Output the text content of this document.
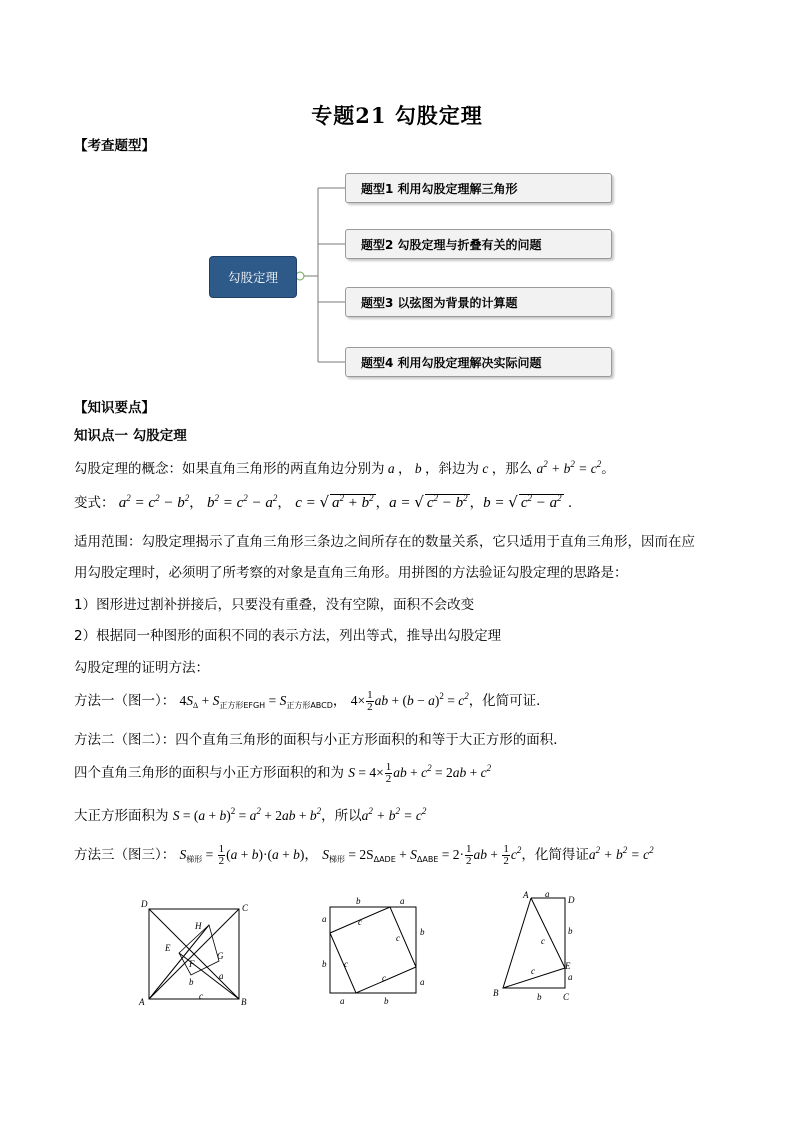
专题21 勾股定理
【考查题型】
勾股定理
题型1 利用勾股定理解三角形
题型2 勾股定理与折叠有关的问题
题型3 以弦图为背景的计算题
题型4 利用勾股定理解决实际问题
【知识要点】
知识点一 勾股定理
勾股定理的概念：如果直角三角形的两直角边分别为 a ， b ，斜边为 c ，那么 $a^2 + b^2 = c^2$。
变式： $a^2 = c^2 - b^2$， $b^2 = c^2 - a^2$， c = √ $a^2 + b^2$ ，a = √ $c^2 - b^2$ ，b = √ $c^2 - a^2$ .
适用范围：勾股定理揭示了直角三角形三条边之间所存在的数量关系，它只适用于直角三角形，因而在应
用勾股定理时，必须明了所考察的对象是直角三角形。用拼图的方法验证勾股定理的思路是：
1）图形进过割补拼接后，只要没有重叠，没有空隙，面积不会改变
2）根据同一种图形的面积不同的表示方法，列出等式，推导出勾股定理
勾股定理的证明方法：
方法一（图一）： $4S_\Delta + S_{正方形EFGH} = S_{正方形ABCD}$， $4\times \frac{1}{2}$ ab + $(b - a)^2 = c^2$，化简可证．
方法二（图二）：四个直角三角形的面积与小正方形面积的和等于大正方形的面积．
四个直角三角形的面积与小正方形面积的和为 $S = 4\times \frac{1}{2}$ ab + $c^2 = 2ab + c^2$
大正方形面积为 $S = (a + b)^2 = a^2 + 2ab + b^2$，所以$a^2 + b^2 = c^2$
方法三（图三）： $S_{梯形} = \frac{1}{2} (a + b)\cdot(a + b)$， $S_{梯形} = 2S_{\Delta ADE} + S_{\Delta ABE} = 2\cdot \frac{1}{2}$ ab + $\frac{1}{2} c^2$，化简得证$a^2 + b^2 = c^2$
D	C
A	B
H
E
F
G
a
b
c
b	a
a
b
b
a
a	b
c
c
c
c
A a
D
b
c
E
c
B	b C
a
